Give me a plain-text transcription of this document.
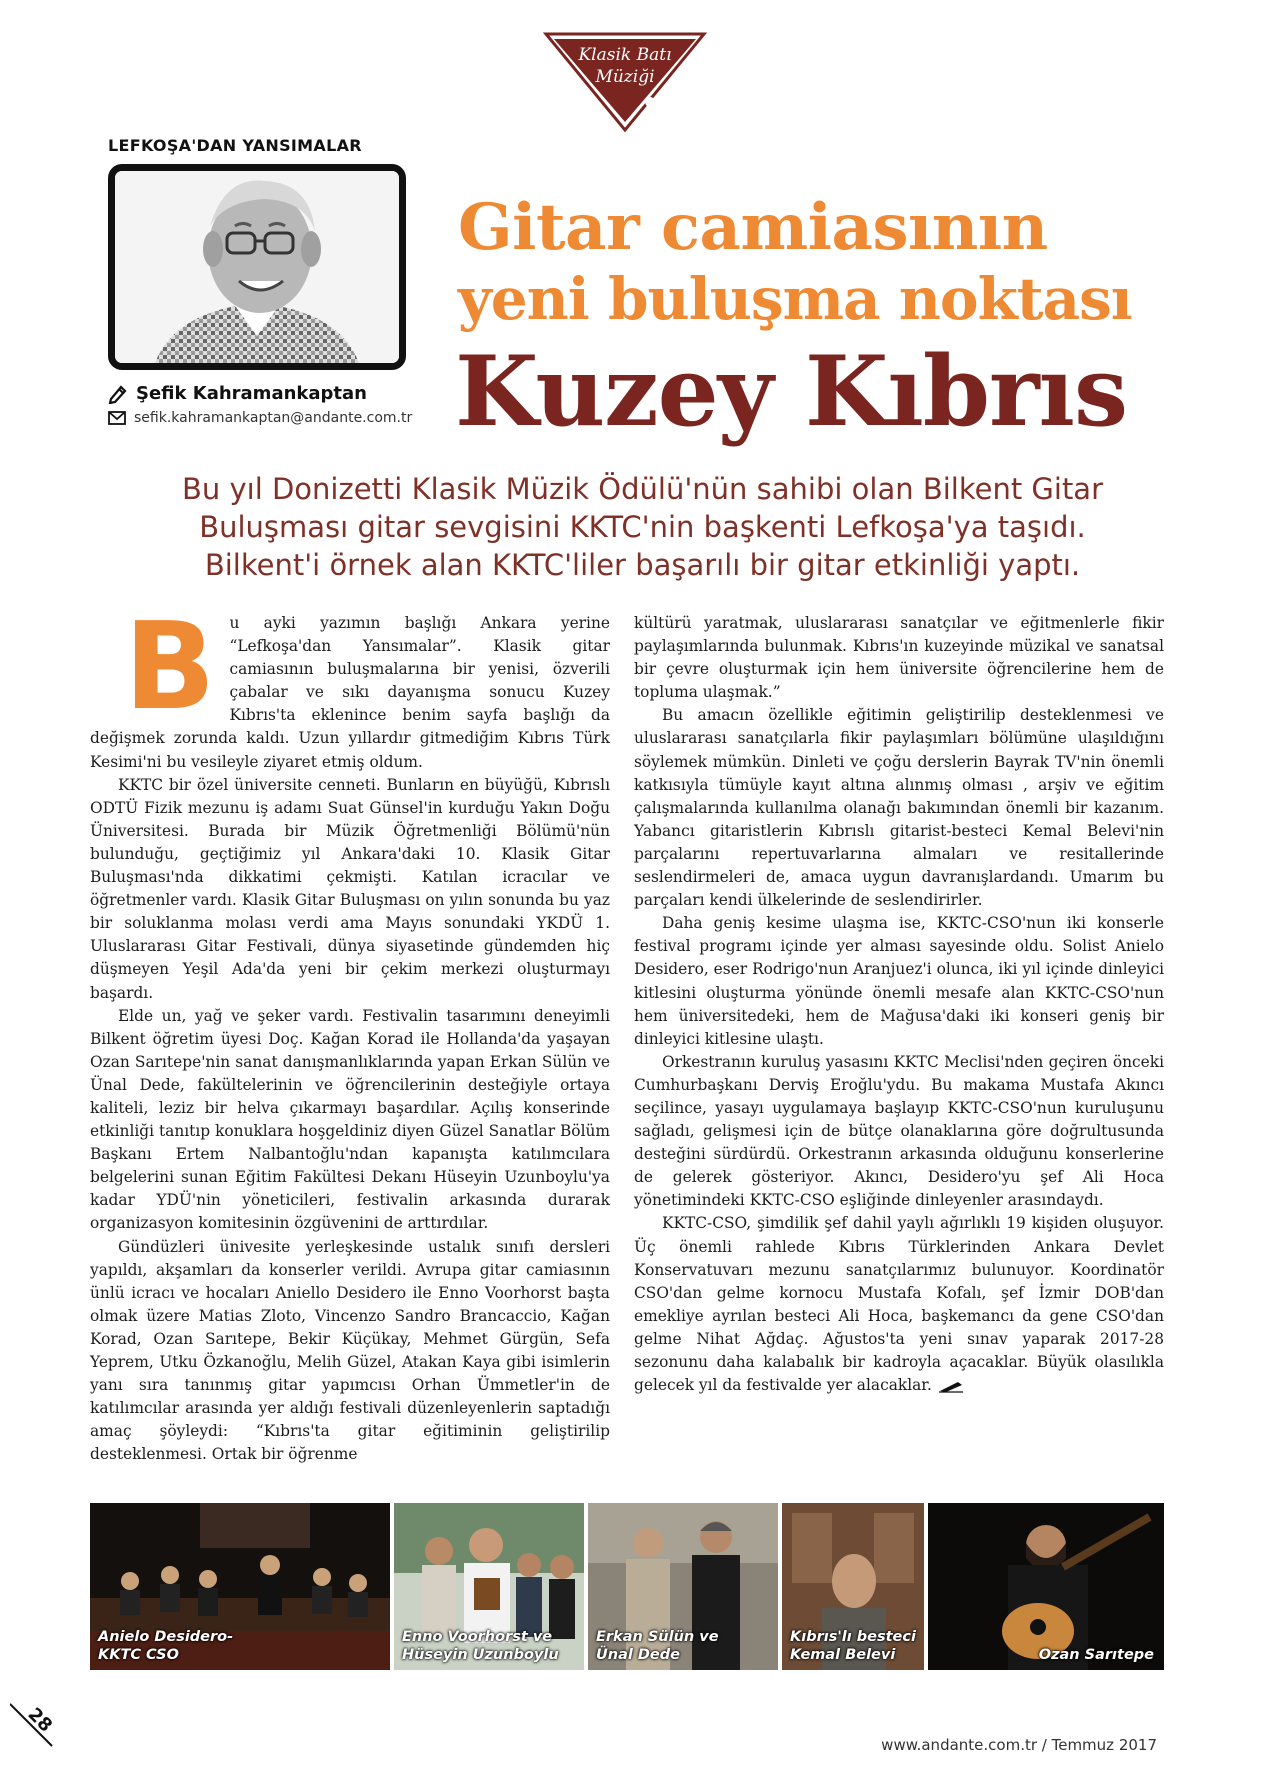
Klasik Batı
Müziği
LEFKOŞA'DAN YANSIMALAR
Şefik Kahramankaptan
sefik.kahramankaptan@andante.com.tr
Gitar camiasının
yeni buluşma noktası
Kuzey Kıbrıs
Bu yıl Donizetti Klasik Müzik Ödülü'nün sahibi olan Bilkent Gitar
Buluşması gitar sevgisini KKTC'nin başkenti Lefkoşa'ya taşıdı.
Bilkent'i örnek alan KKTC'liler başarılı bir gitar etkinliği yaptı.
B u ayki yazımın başlığı Ankara yerine “Lefkoşa'dan Yansımalar”. Klasik gitar camiasının buluşmalarına bir yenisi, özverili çabalar ve sıkı dayanışma sonucu Kuzey Kıbrıs'ta eklenince benim sayfa başlığı da değişmek zorunda kaldı. Uzun yıllardır gitmediğim Kıbrıs Türk Kesimi'ni bu vesileyle ziyaret etmiş oldum.

KKTC bir özel üniversite cenneti. Bunların en büyüğü, Kıbrıslı ODTÜ Fizik mezunu iş adamı Suat Günsel'in kurduğu Yakın Doğu Üniversitesi. Burada bir Müzik Öğretmenliği Bölümü'nün bulunduğu, geçtiğimiz yıl Ankara'daki 10. Klasik Gitar Buluşması'nda dikkatimi çekmişti. Katılan icracılar ve öğretmenler vardı. Klasik Gitar Buluşması on yılın sonunda bu yaz bir soluklanma molası verdi ama Mayıs sonundaki YKDÜ 1. Uluslararası Gitar Festivali, dünya siyasetinde gündemden hiç düşmeyen Yeşil Ada'da yeni bir çekim merkezi oluşturmayı başardı.

Elde un, yağ ve şeker vardı. Festivalin tasarımını deneyimli Bilkent öğretim üyesi Doç. Kağan Korad ile Hollanda'da yaşayan Ozan Sarıtepe'nin sanat danışmanlıklarında yapan Erkan Sülün ve Ünal Dede, fakültelerinin ve öğrencilerinin desteğiyle ortaya kaliteli, leziz bir helva çıkarmayı başardılar. Açılış konserinde etkinliği tanıtıp konuklara hoşgeldiniz diyen Güzel Sanatlar Bölüm Başkanı Ertem Nalbantoğlu'ndan kapanışta katılımcılara belgelerini sunan Eğitim Fakültesi Dekanı Hüseyin Uzunboylu'ya kadar YDÜ'nin yöneticileri, festivalin arkasında durarak organizasyon komitesinin özgüvenini de arttırdılar.

Gündüzleri ünivesite yerleşkesinde ustalık sınıfı dersleri yapıldı, akşamları da konserler verildi. Avrupa gitar camiasının ünlü icracı ve hocaları Aniello Desidero ile Enno Voorhorst başta olmak üzere Matias Zloto, Vincenzo Sandro Brancaccio, Kağan Korad, Ozan Sarıtepe, Bekir Küçükay, Mehmet Gürgün, Sefa Yeprem, Utku Özkanoğlu, Melih Güzel, Atakan Kaya gibi isimlerin yanı sıra tanınmış gitar yapımcısı Orhan Ümmetler'in de katılımcılar arasında yer aldığı festivali düzenleyenlerin saptadığı amaç şöyleydi: “Kıbrıs'ta gitar eğitiminin geliştirilip desteklenmesi. Ortak bir öğrenme

kültürü yaratmak, uluslararası sanatçılar ve eğitmenlerle fikir paylaşımlarında bulunmak. Kıbrıs'ın kuzeyinde müzikal ve sanatsal bir çevre oluşturmak için hem üniversite öğrencilerine hem de topluma ulaşmak.”

Bu amacın özellikle eğitimin geliştirilip desteklenmesi ve uluslararası sanatçılarla fikir paylaşımları bölümüne ulaşıldığını söylemek mümkün. Dinleti ve çoğu derslerin Bayrak TV'nin önemli katkısıyla tümüyle kayıt altına alınmış olması , arşiv ve eğitim çalışmalarında kullanılma olanağı bakımından önemli bir kazanım. Yabancı gitaristlerin Kıbrıslı gitarist-besteci Kemal Belevi'nin parçalarını repertuvarlarına almaları ve resitallerinde seslendirmeleri de, amaca uygun davranışlardandı. Umarım bu parçaları kendi ülkelerinde de seslendirirler.

Daha geniş kesime ulaşma ise, KKTC-CSO'nun iki konserle festival programı içinde yer alması sayesinde oldu. Solist Anielo Desidero, eser Rodrigo'nun Aranjuez'i olunca, iki yıl içinde dinleyici kitlesini oluşturma yönünde önemli mesafe alan KKTC-CSO'nun hem üniversitedeki, hem de Mağusa'daki iki konseri geniş bir dinleyici kitlesine ulaştı.

Orkestranın kuruluş yasasını KKTC Meclisi'nden geçiren önceki Cumhurbaşkanı Derviş Eroğlu'ydu. Bu makama Mustafa Akıncı seçilince, yasayı uygulamaya başlayıp KKTC-CSO'nun kuruluşunu sağladı, gelişmesi için de bütçe olanaklarına göre doğrultusunda desteğini sürdürdü. Orkestranın arkasında olduğunu konserlerine de gelerek gösteriyor. Akıncı, Desidero'yu şef Ali Hoca yönetimindeki KKTC-CSO eşliğinde dinleyenler arasındaydı.

KKTC-CSO, şimdilik şef dahil yaylı ağırlıklı 19 kişiden oluşuyor. Üç önemli rahlede Kıbrıs Türklerinden Ankara Devlet Konservatuvarı mezunu sanatçılarımız bulunuyor. Koordinatör CSO'dan gelme kornocu Mustafa Kofalı, şef İzmir DOB'dan emekliye ayrılan besteci Ali Hoca, başkemancı da gene CSO'dan gelme Nihat Ağdaç. Ağustos'ta yeni sınav yaparak 2017-28 sezonunu daha kalabalık bir kadroyla açacaklar. Büyük olasılıkla gelecek yıl da festivalde yer alacaklar.

Anielo Desidero-
KKTC CSO
Enno Voorhorst ve
Hüseyin Uzunboylu
Erkan Sülün ve
Ünal Dede
Kıbrıs'lı besteci
Kemal Belevi	Ozan Sarıtepe
28
www.andante.com.tr / Temmuz 2017
